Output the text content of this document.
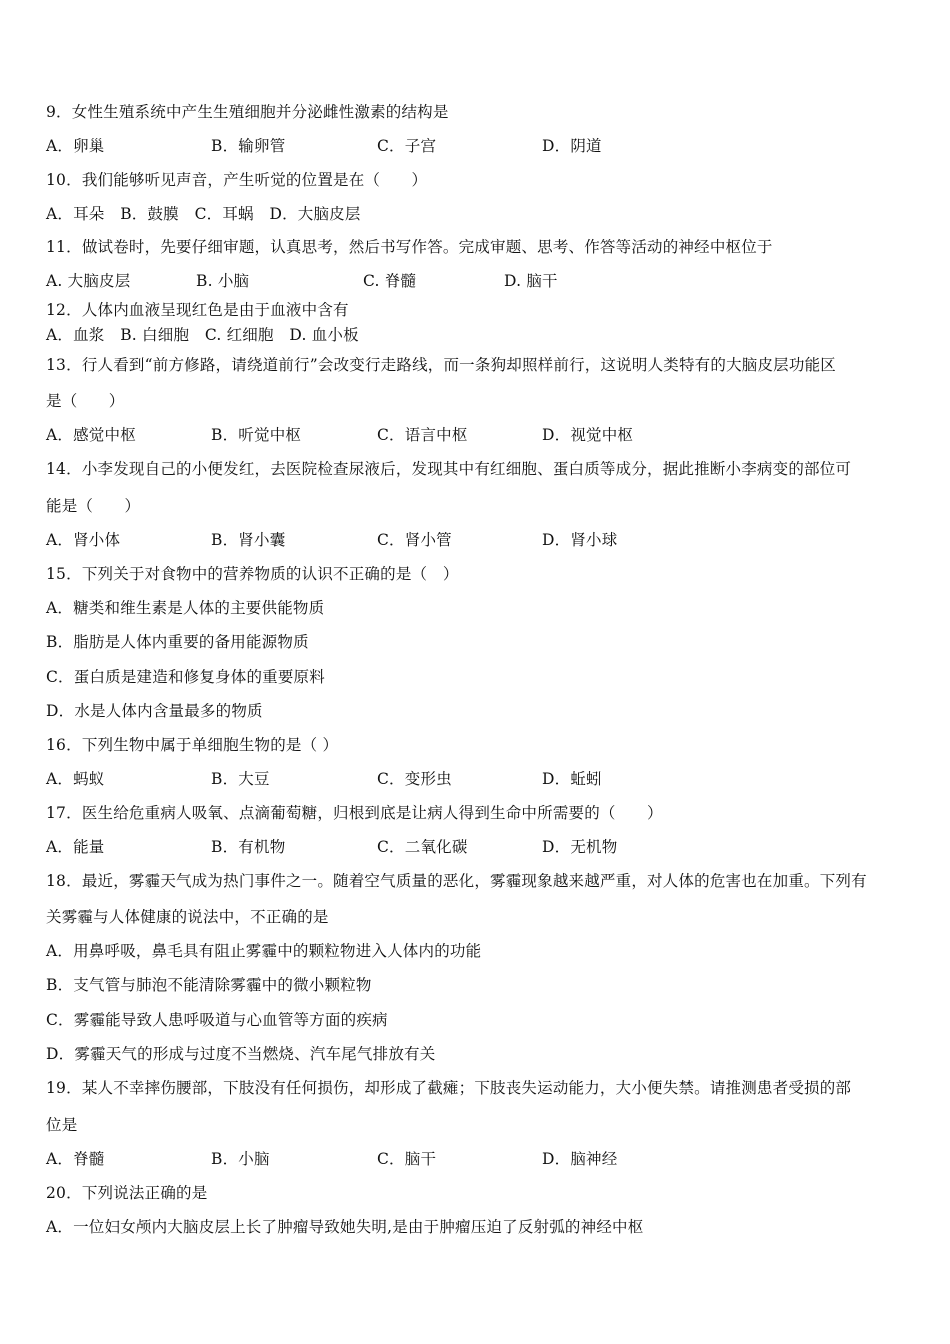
9．女性生殖系统中产生生殖细胞并分泌雌性激素的结构是
A．卵巢	B．输卵管	C．子宫	D．阴道
10．我们能够听见声音，产生听觉的位置是在（　　）
A．耳朵　B．鼓膜　C．耳蜗　D．大脑皮层
11．做试卷时，先要仔细审题，认真思考，然后书写作答。完成审题、思考、作答等活动的神经中枢位于
A. 大脑皮层	B. 小脑	C. 脊髓	D. 脑干
12．人体内血液呈现红色是由于血液中含有
A．血浆　B. 白细胞　C. 红细胞　D. 血小板
13．行人看到“前方修路，请绕道前行”会改变行走路线，而一条狗却照样前行，这说明人类特有的大脑皮层功能区
是（　　）
A．感觉中枢	B．听觉中枢	C．语言中枢	D．视觉中枢
14．小李发现自己的小便发红，去医院检查尿液后，发现其中有红细胞、蛋白质等成分，据此推断小李病变的部位可
能是（　　）
A．肾小体	B．肾小囊	C．肾小管	D．肾小球
15．下列关于对食物中的营养物质的认识不正确的是（　）
A．糖类和维生素是人体的主要供能物质
B．脂肪是人体内重要的备用能源物质
C．蛋白质是建造和修复身体的重要原料
D．水是人体内含量最多的物质
16．下列生物中属于单细胞生物的是（ ）
A．蚂蚁	B．大豆	C．变形虫	D．蚯蚓
17．医生给危重病人吸氧、点滴葡萄糖，归根到底是让病人得到生命中所需要的（　　）
A．能量	B．有机物	C．二氧化碳	D．无机物
18．最近，雾霾天气成为热门事件之一。随着空气质量的恶化，雾霾现象越来越严重，对人体的危害也在加重。下列有
关雾霾与人体健康的说法中，不正确的是
A．用鼻呼吸，鼻毛具有阻止雾霾中的颗粒物进入人体内的功能
B．支气管与肺泡不能清除雾霾中的微小颗粒物
C．雾霾能导致人患呼吸道与心血管等方面的疾病
D．雾霾天气的形成与过度不当燃烧、汽车尾气排放有关
19．某人不幸摔伤腰部，下肢没有任何损伤，却形成了截瘫；下肢丧失运动能力，大小便失禁。请推测患者受损的部
位是
A．脊髓	B．小脑	C．脑干	D．脑神经
20．下列说法正确的是
A．一位妇女颅内大脑皮层上长了肿瘤导致她失明,是由于肿瘤压迫了反射弧的神经中枢
